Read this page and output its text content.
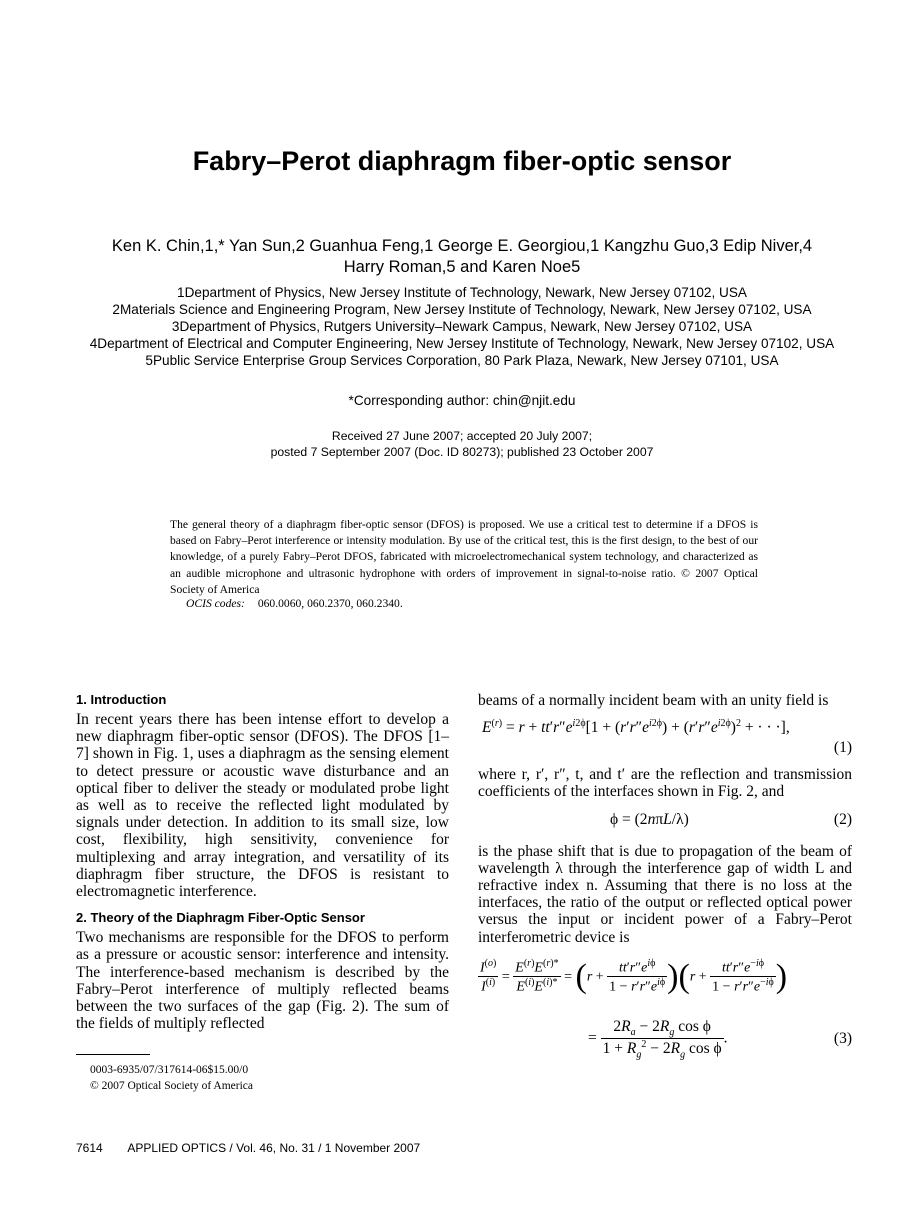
Fabry–Perot diaphragm fiber-optic sensor
Ken K. Chin,1,* Yan Sun,2 Guanhua Feng,1 George E. Georgiou,1 Kangzhu Guo,3 Edip Niver,4
Harry Roman,5 and Karen Noe5
1Department of Physics, New Jersey Institute of Technology, Newark, New Jersey 07102, USA
2Materials Science and Engineering Program, New Jersey Institute of Technology, Newark, New Jersey 07102, USA
3Department of Physics, Rutgers University–Newark Campus, Newark, New Jersey 07102, USA
4Department of Electrical and Computer Engineering, New Jersey Institute of Technology, Newark, New Jersey 07102, USA
5Public Service Enterprise Group Services Corporation, 80 Park Plaza, Newark, New Jersey 07101, USA
*Corresponding author: chin@njit.edu
Received 27 June 2007; accepted 20 July 2007;
posted 7 September 2007 (Doc. ID 80273); published 23 October 2007
The general theory of a diaphragm fiber-optic sensor (DFOS) is proposed. We use a critical test to determine if a DFOS is based on Fabry–Perot interference or intensity modulation. By use of the critical test, this is the first design, to the best of our knowledge, of a purely Fabry–Perot DFOS, fabricated with microelectromechanical system technology, and characterized as an audible microphone and ultrasonic hydrophone with orders of improvement in signal-to-noise ratio. © 2007 Optical Society of America
OCIS codes: 060.0060, 060.2370, 060.2340.
1. Introduction
In recent years there has been intense effort to develop a new diaphragm fiber-optic sensor (DFOS). The DFOS [1–7] shown in Fig. 1, uses a diaphragm as the sensing element to detect pressure or acoustic wave disturbance and an optical fiber to deliver the steady or modulated probe light as well as to receive the reflected light modulated by signals under detection. In addition to its small size, low cost, flexibility, high sensitivity, convenience for multiplexing and array integration, and versatility of its diaphragm fiber structure, the DFOS is resistant to electromagnetic interference.
2. Theory of the Diaphragm Fiber-Optic Sensor
Two mechanisms are responsible for the DFOS to perform as a pressure or acoustic sensor: interference and intensity. The interference-based mechanism is described by the Fabry–Perot interference of multiply reflected beams between the two surfaces of the gap (Fig. 2). The sum of the fields of multiply reflected
beams of a normally incident beam with an unity field is
$E^{(r)} = r + tt'r''e^{i2\phi}[1 + (r'r''e^{i2\phi}) + (r'r''e^{i2\phi})^2$ + · · ·],
(1)
where r, r′, r″, t, and t′ are the reflection and transmission coefficients of the interfaces shown in Fig. 2, and
ϕ = (2nπL/λ)	(2)
is the phase shift that is due to propagation of the beam of wavelength λ through the interference gap of width L and refractive index n. Assuming that there is no loss at the interfaces, the ratio of the output or reflected optical power versus the input or incident power of a Fabry–Perot interferometric device is
$\frac{I^{(o)}}{I^{(i)}} = \frac{E^{(r)}E^{(r)*}}{E^{(i)}E^{(i)*}} = (r + \frac{tt'r''e^{i\phi}}{1 - r'r''e^{i\phi}} )(r + \frac{tt'r''e^{-i\phi}}{1 - r'r''e^{-i\phi}}$ )
= $\frac{2R_a - 2R_g \cos \phi}{1 + R_g^2 - 2R_g \cos \phi}$ .	(3)
0003-6935/07/317614-06$15.00/0
© 2007 Optical Society of America
7614 APPLIED OPTICS / Vol. 46, No. 31 / 1 November 2007
